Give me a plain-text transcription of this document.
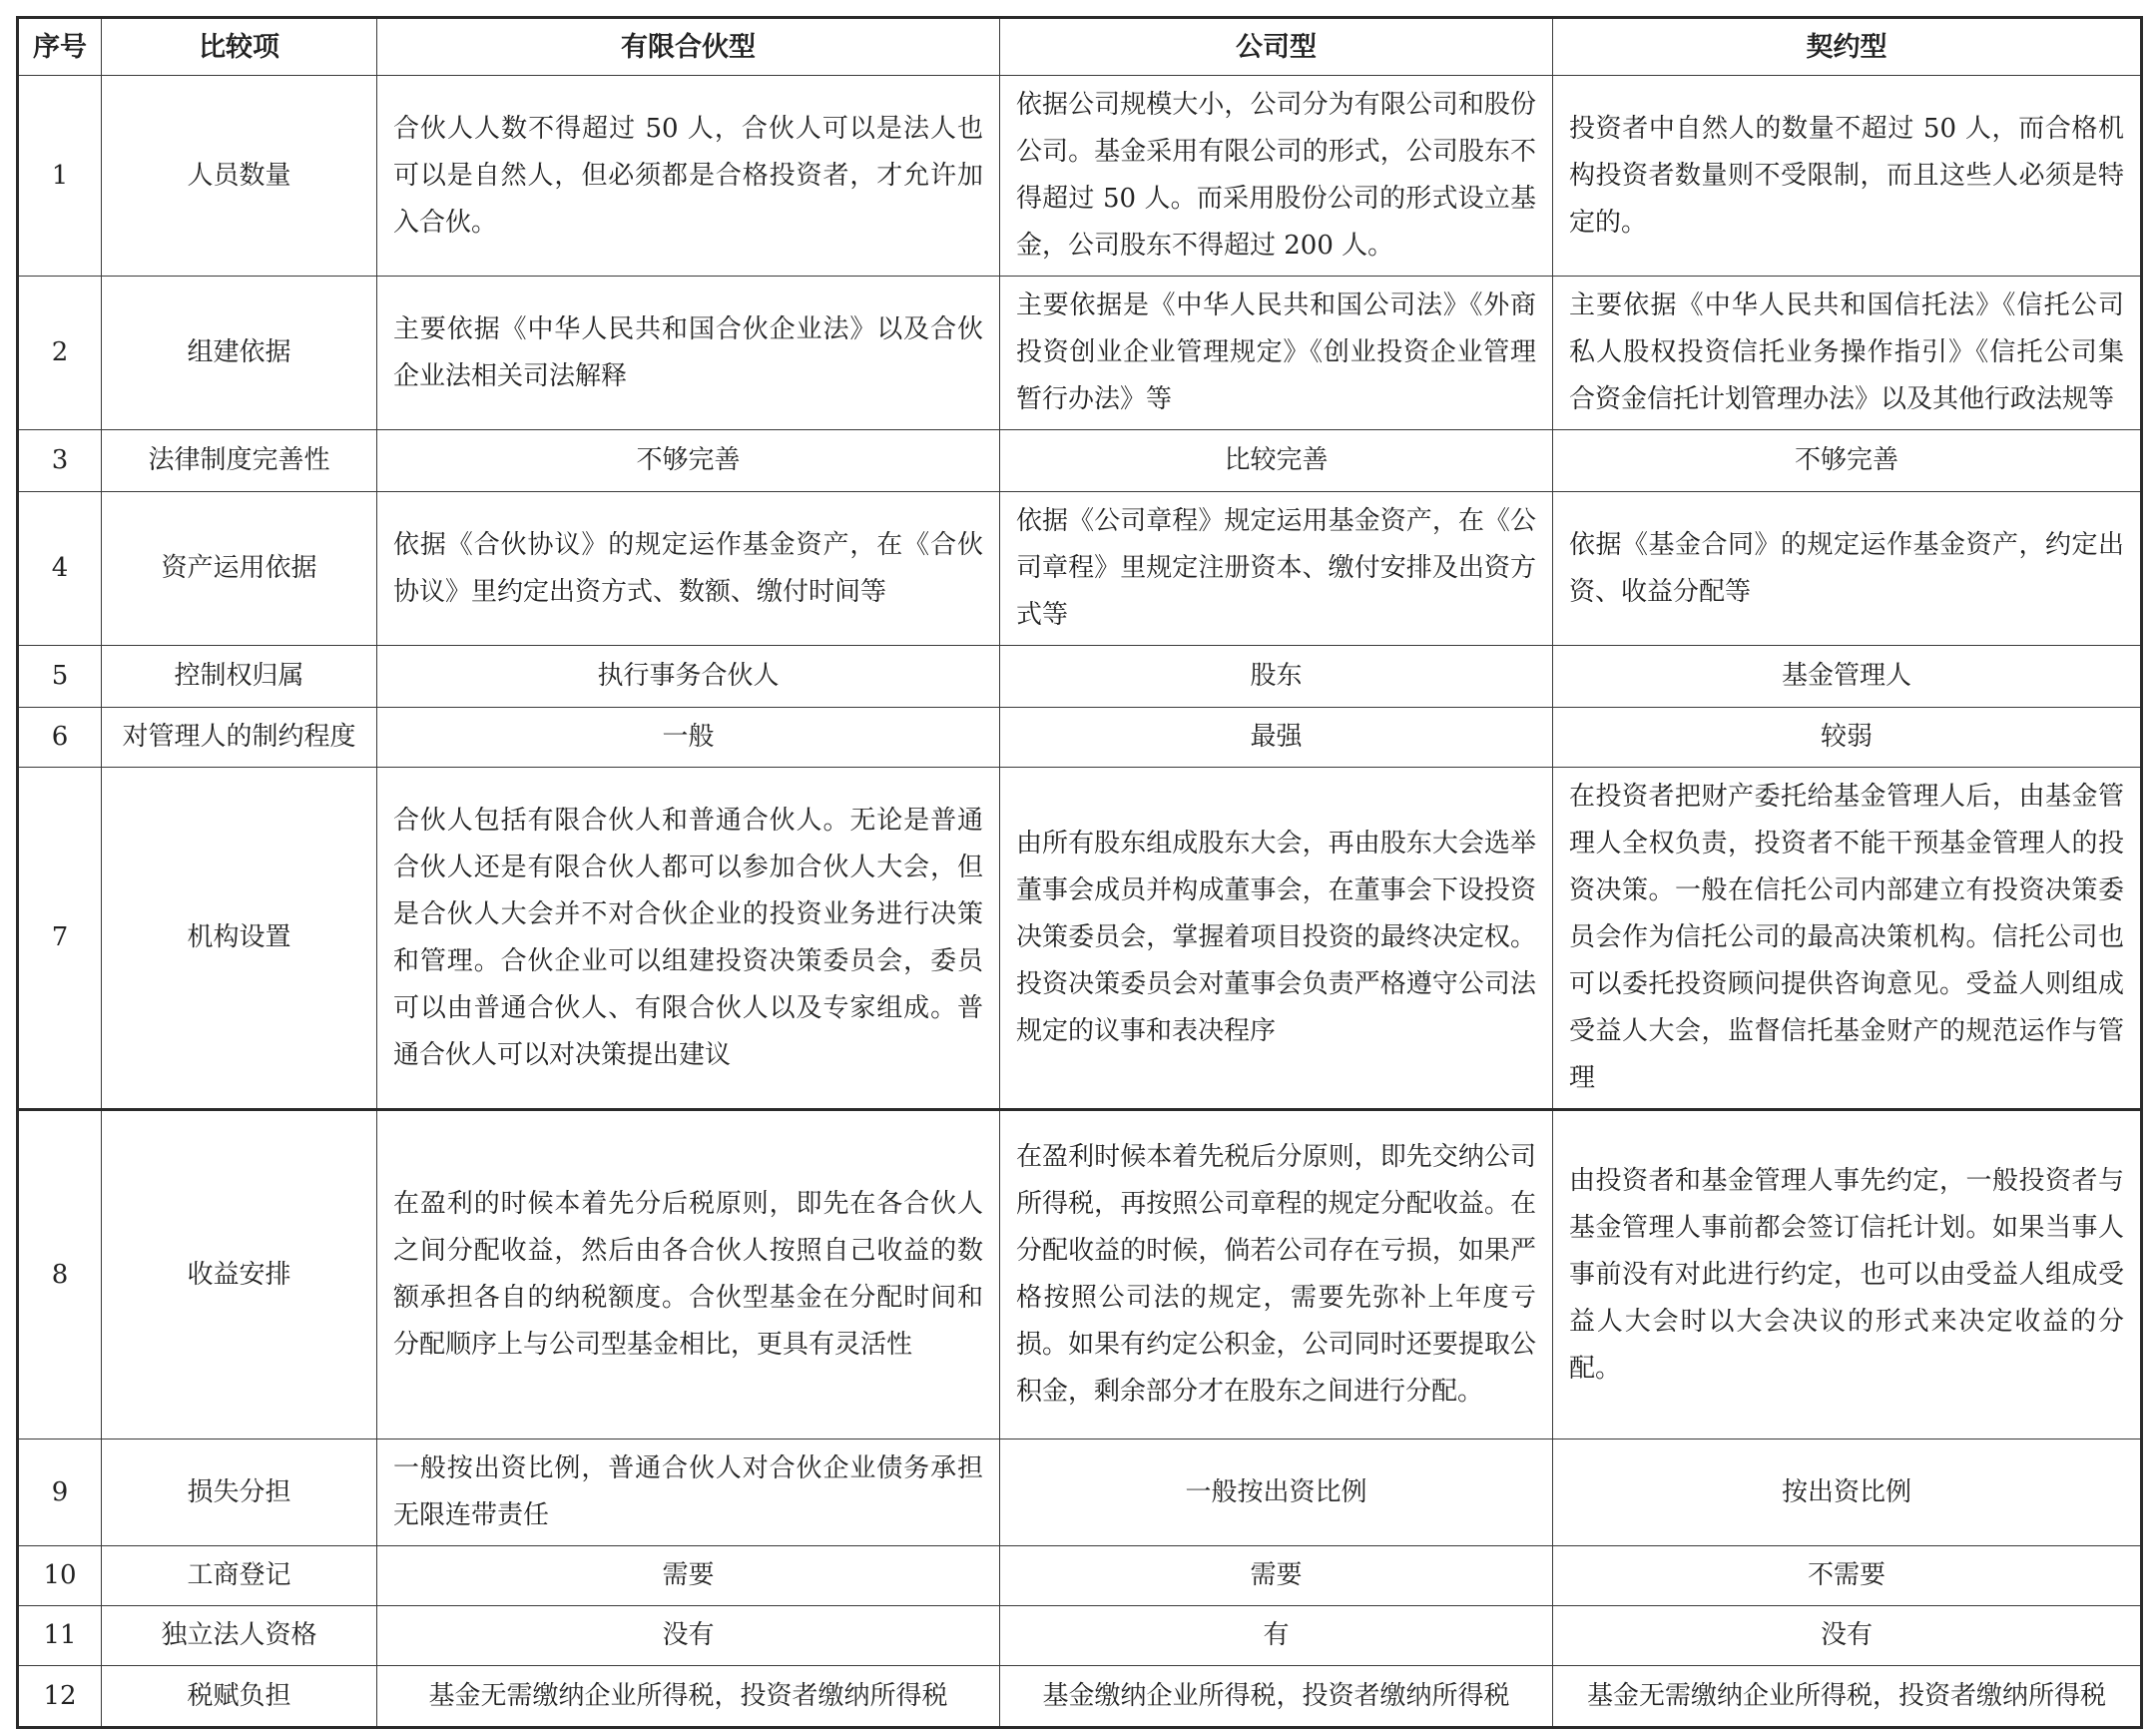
序号	比较项	有限合伙型	公司型	契约型
1	人员数量	合伙人人数不得超过 50 人，合伙人可以是法人也可以是自然人，但必须都是合格投资者，才允许加入合伙。	依据公司规模大小，公司分为有限公司和股份公司。基金采用有限公司的形式，公司股东不得超过 50 人。而采用股份公司的形式设立基金，公司股东不得超过 200 人。	投资者中自然人的数量不超过 50 人，而合格机构投资者数量则不受限制，而且这些人必须是特定的。
2	组建依据	主要依据《中华人民共和国合伙企业法》以及合伙企业法相关司法解释	主要依据是《中华人民共和国公司法》《外商投资创业企业管理规定》《创业投资企业管理暂行办法》等	主要依据《中华人民共和国信托法》《信托公司私人股权投资信托业务操作指引》《信托公司集合资金信托计划管理办法》以及其他行政法规等
3	法律制度完善性	不够完善	比较完善	不够完善
4	资产运用依据	依据《合伙协议》的规定运作基金资产，在《合伙协议》里约定出资方式、数额、缴付时间等	依据《公司章程》规定运用基金资产，在《公司章程》里规定注册资本、缴付安排及出资方式等	依据《基金合同》的规定运作基金资产，约定出资、收益分配等
5	控制权归属	执行事务合伙人	股东	基金管理人
6	对管理人的制约程度	一般	最强	较弱
7	机构设置	合伙人包括有限合伙人和普通合伙人。无论是普通合伙人还是有限合伙人都可以参加合伙人大会，但是合伙人大会并不对合伙企业的投资业务进行决策和管理。合伙企业可以组建投资决策委员会，委员可以由普通合伙人、有限合伙人以及专家组成。普通合伙人可以对决策提出建议	由所有股东组成股东大会，再由股东大会选举董事会成员并构成董事会，在董事会下设投资决策委员会，掌握着项目投资的最终决定权。投资决策委员会对董事会负责严格遵守公司法规定的议事和表决程序	在投资者把财产委托给基金管理人后，由基金管理人全权负责，投资者不能干预基金管理人的投资决策。一般在信托公司内部建立有投资决策委员会作为信托公司的最高决策机构。信托公司也可以委托投资顾问提供咨询意见。受益人则组成受益人大会，监督信托基金财产的规范运作与管理
8	收益安排	在盈利的时候本着先分后税原则，即先在各合伙人之间分配收益，然后由各合伙人按照自己收益的数额承担各自的纳税额度。合伙型基金在分配时间和分配顺序上与公司型基金相比，更具有灵活性	在盈利时候本着先税后分原则，即先交纳公司所得税，再按照公司章程的规定分配收益。在分配收益的时候，倘若公司存在亏损，如果严格按照公司法的规定，需要先弥补上年度亏损。如果有约定公积金，公司同时还要提取公积金，剩余部分才在股东之间进行分配。	由投资者和基金管理人事先约定，一般投资者与基金管理人事前都会签订信托计划。如果当事人事前没有对此进行约定，也可以由受益人组成受益人大会时以大会决议的形式来决定收益的分配。
9	损失分担	一般按出资比例，普通合伙人对合伙企业债务承担无限连带责任	一般按出资比例	按出资比例
10	工商登记	需要	需要	不需要
11	独立法人资格	没有	有	没有
12	税赋负担	基金无需缴纳企业所得税，投资者缴纳所得税	基金缴纳企业所得税，投资者缴纳所得税	基金无需缴纳企业所得税，投资者缴纳所得税
